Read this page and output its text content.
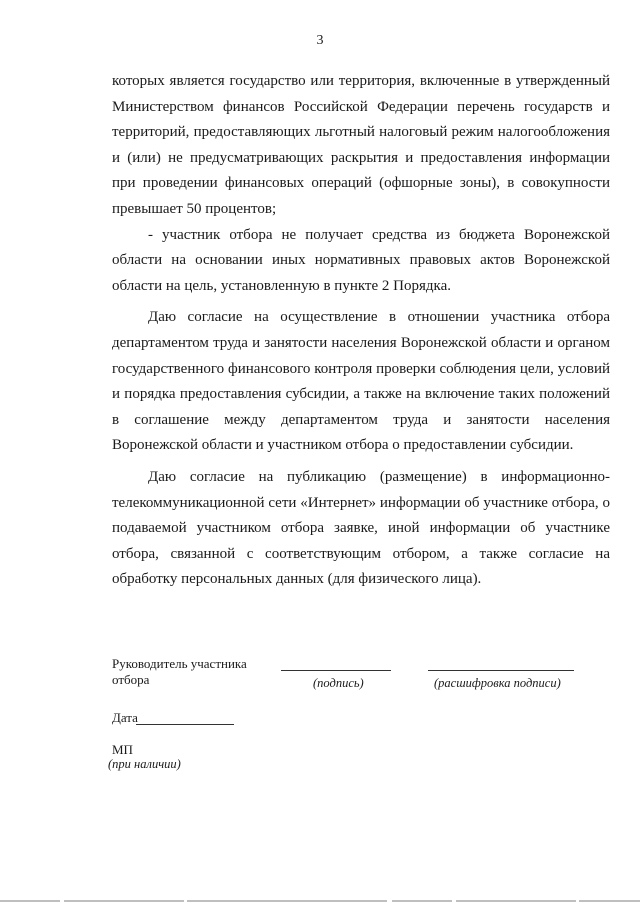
3

которых является государство или территория, включенные в утвержденный Министерством финансов Российской Федерации перечень государств и территорий, предоставляющих льготный налоговый режим налогообложения и (или) не предусматривающих раскрытия и предоставления информации при проведении финансовых операций (офшорные зоны), в совокупности превышает 50 процентов;

- участник отбора не получает средства из бюджета Воронежской области на основании иных нормативных правовых актов Воронежской области на цель, установленную в пункте 2 Порядка.

Даю согласие на осуществление в отношении участника отбора департаментом труда и занятости населения Воронежской области и органом государственного финансового контроля проверки соблюдения цели, условий и порядка предоставления субсидии, а также на включение таких положений в соглашение между департаментом труда и занятости населения Воронежской области и участником отбора о предоставлении субсидии.

Даю согласие на публикацию (размещение) в информационно-телекоммуникационной сети «Интернет» информации об участнике отбора, о подаваемой участником отбора заявке, иной информации об участнике отбора, связанной с соответствующим отбором, а также согласие на обработку персональных данных (для физического лица).

Руководитель участника
отбора	(подпись)	(расшифровка подписи)
Дата
МП
(при наличии)
